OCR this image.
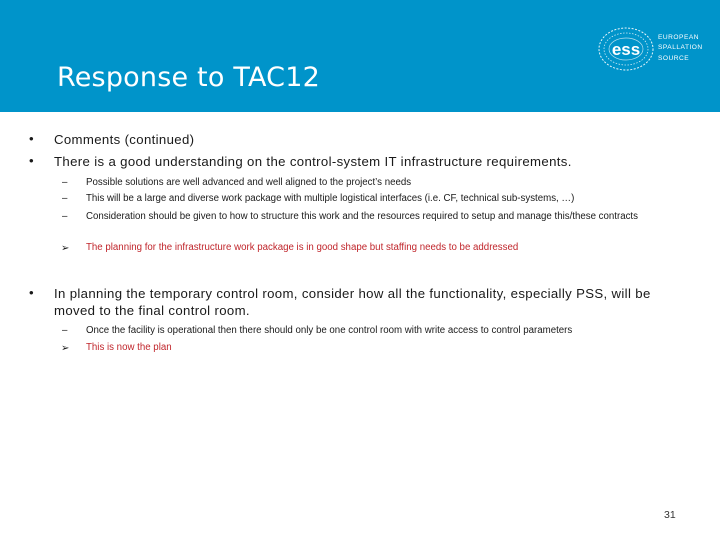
Response to TAC12
ess
EUROPEAN
SPALLATION
SOURCE
• Comments (continued)
• There is a good understanding on the control-system IT infrastructure requirements.
– Possible solutions are well advanced and well aligned to the project’s needs
– This will be a large and diverse work package with multiple logistical interfaces (i.e. CF, technical sub-systems, …)
– Consideration should be given to how to structure this work and the resources required to setup and manage this/these contracts
➢ The planning for the infrastructure work package is in good shape but staffing needs to be addressed
• In planning the temporary control room, consider how all the functionality, especially PSS, will be moved to the final control room.
– Once the facility is operational then there should only be one control room with write access to control parameters
➢ This is now the plan
31
